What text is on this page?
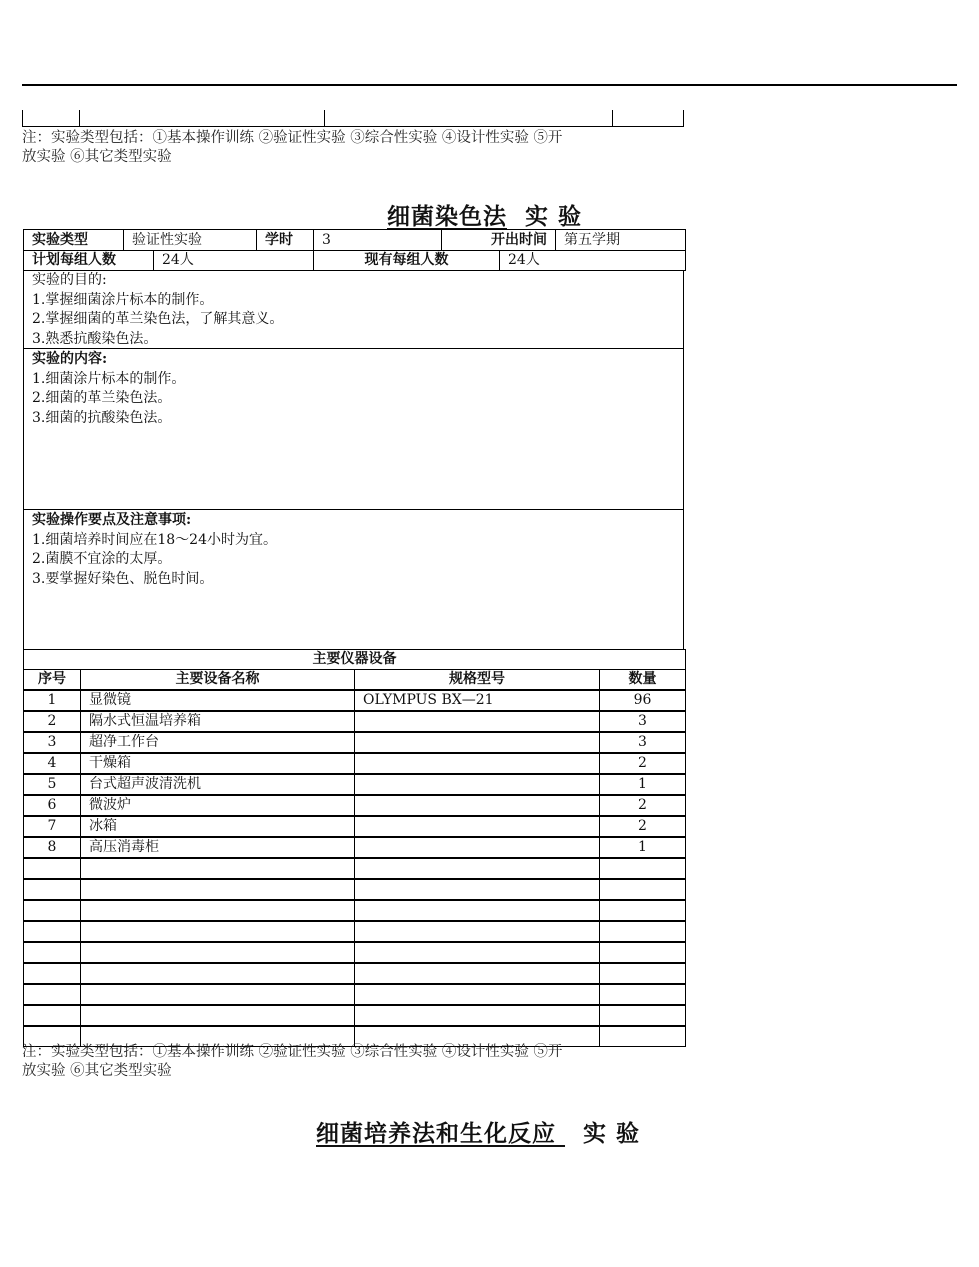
注：实验类型包括：①基本操作训练 ②验证性实验 ③综合性实验 ④设计性实验 ⑤开
放实验 ⑥其它类型实验
细菌染色法 实 验
实验类型	验证性实验	学时	3	开出时间	第五学期
计划每组人数	24人	现有每组人数	24人
实验的目的:
1.掌握细菌涂片标本的制作。
2.掌握细菌的革兰染色法，了解其意义。
3.熟悉抗酸染色法。
实验的内容:
1.细菌涂片标本的制作。
2.细菌的革兰染色法。
3.细菌的抗酸染色法。
实验操作要点及注意事项:
1.细菌培养时间应在18～24小时为宜。
2.菌膜不宜涂的太厚。
3.要掌握好染色、脱色时间。
主要仪器设备			
序号	主要设备名称	规格型号	数量
1	显微镜	OLYMPUS BX—21	96
2	隔水式恒温培养箱		3
3	超净工作台		3
4	干燥箱		2
5	台式超声波清洗机		1
6	微波炉		2
7	冰箱		2
8	高压消毒柜		1

注：实验类型包括：①基本操作训练 ②验证性实验 ③综合性实验 ④设计性实验 ⑤开
放实验 ⑥其它类型实验
细菌培养法和生化反应 实 验
